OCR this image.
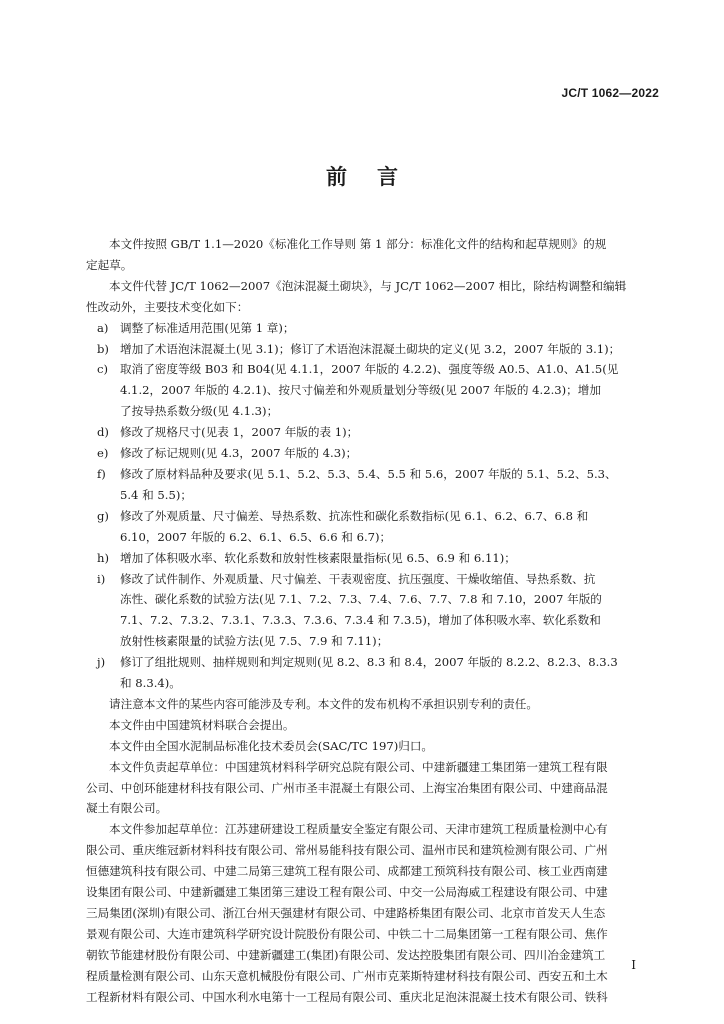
JC/T 1062—2022
前 言
本文件按照 GB/T 1.1—2020《标准化工作导则 第 1 部分：标准化文件的结构和起草规则》的规
定起草。
本文件代替 JC/T 1062—2007《泡沫混凝土砌块》，与 JC/T 1062—2007 相比，除结构调整和编辑
性改动外，主要技术变化如下：
a) 调整了标准适用范围(见第 1 章)；
b) 增加了术语泡沫混凝土(见 3.1)；修订了术语泡沫混凝土砌块的定义(见 3.2，2007 年版的 3.1)；
c) 取消了密度等级 B03 和 B04(见 4.1.1，2007 年版的 4.2.2)、强度等级 A0.5、A1.0、A1.5(见
4.1.2，2007 年版的 4.2.1)、按尺寸偏差和外观质量划分等级(见 2007 年版的 4.2.3)；增加
了按导热系数分级(见 4.1.3)；
d) 修改了规格尺寸(见表 1，2007 年版的表 1)；
e) 修改了标记规则(见 4.3，2007 年版的 4.3)；
f) 修改了原材料品种及要求(见 5.1、5.2、5.3、5.4、5.5 和 5.6，2007 年版的 5.1、5.2、5.3、
5.4 和 5.5)；
g) 修改了外观质量、尺寸偏差、导热系数、抗冻性和碳化系数指标(见 6.1、6.2、6.7、6.8 和
6.10，2007 年版的 6.2、6.1、6.5、6.6 和 6.7)；
h) 增加了体积吸水率、软化系数和放射性核素限量指标(见 6.5、6.9 和 6.11)；
i) 修改了试件制作、外观质量、尺寸偏差、干表观密度、抗压强度、干燥收缩值、导热系数、抗
冻性、碳化系数的试验方法(见 7.1、7.2、7.3、7.4、7.6、7.7、7.8 和 7.10，2007 年版的
7.1、7.2、7.3.2、7.3.1、7.3.3、7.3.6、7.3.4 和 7.3.5)，增加了体积吸水率、软化系数和
放射性核素限量的试验方法(见 7.5、7.9 和 7.11)；
j) 修订了组批规则、抽样规则和判定规则(见 8.2、8.3 和 8.4，2007 年版的 8.2.2、8.2.3、8.3.3
和 8.3.4)。
请注意本文件的某些内容可能涉及专利。本文件的发布机构不承担识别专利的责任。
本文件由中国建筑材料联合会提出。
本文件由全国水泥制品标准化技术委员会(SAC/TC 197)归口。
本文件负责起草单位：中国建筑材料科学研究总院有限公司、中建新疆建工集团第一建筑工程有限
公司、中创环能建材科技有限公司、广州市圣丰混凝土有限公司、上海宝冶集团有限公司、中建商品混
凝土有限公司。
本文件参加起草单位：江苏建研建设工程质量安全鉴定有限公司、天津市建筑工程质量检测中心有
限公司、重庆维冠新材料科技有限公司、常州易能科技有限公司、温州市民和建筑检测有限公司、广州
恒德建筑科技有限公司、中建二局第三建筑工程有限公司、成都建工预筑科技有限公司、核工业西南建
设集团有限公司、中建新疆建工集团第三建设工程有限公司、中交一公局海威工程建设有限公司、中建
三局集团(深圳)有限公司、浙江台州天强建材有限公司、中建路桥集团有限公司、北京市首发天人生态
景观有限公司、大连市建筑科学研究设计院股份有限公司、中铁二十二局集团第一工程有限公司、焦作
朝钦节能建材股份有限公司、中建新疆建工(集团)有限公司、发达控股集团有限公司、四川冶金建筑工
程质量检测有限公司、山东天意机械股份有限公司、广州市克莱斯特建材科技有限公司、西安五和土木
工程新材料有限公司、中国水利水电第十一工程局有限公司、重庆北足泡沫混凝土技术有限公司、铁科
I
